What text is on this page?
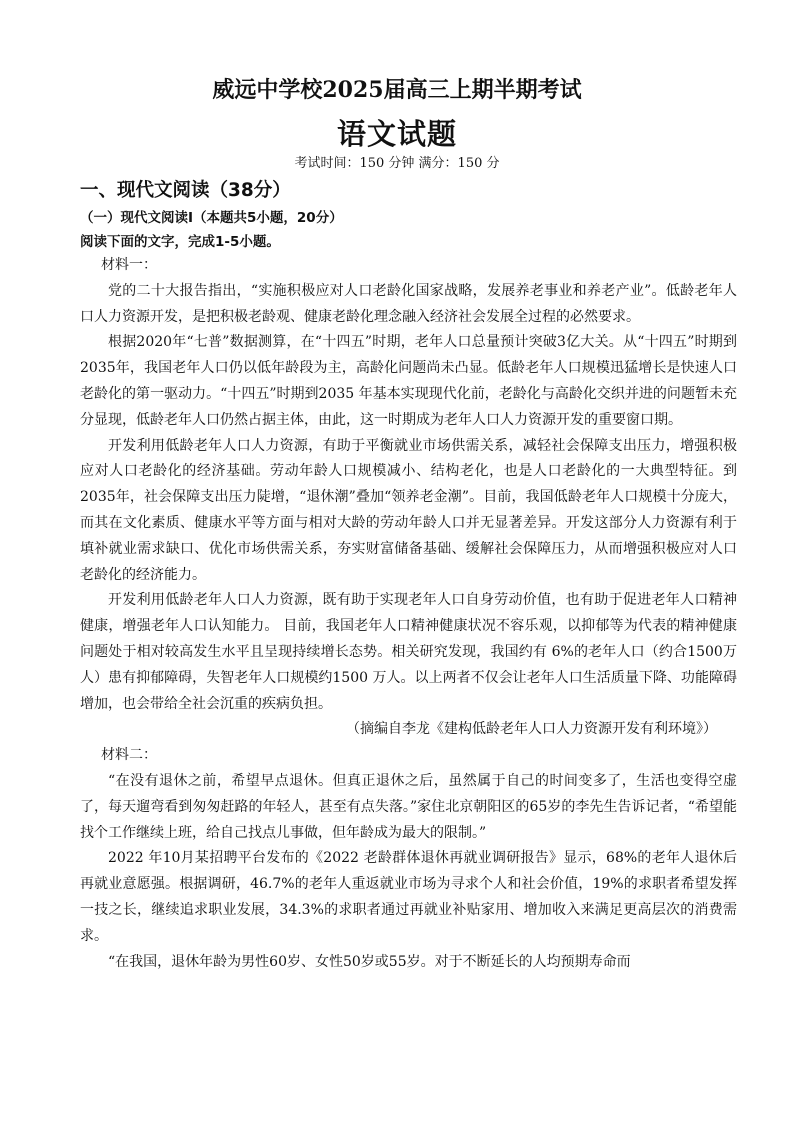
威远中学校2025届高三上期半期考试
语文试题
考试时间：150 分钟 满分：150 分
一、现代文阅读（38分）
（一）现代文阅读Ⅰ（本题共5小题，20分）
阅读下面的文字，完成1-5小题。

材料一：

党的二十大报告指出，“实施积极应对人口老龄化国家战略，发展养老事业和养老产业”。低龄老年人口人力资源开发，是把积极老龄观、健康老龄化理念融入经济社会发展全过程的必然要求。

根据2020年“七普”数据测算，在“十四五”时期，老年人口总量预计突破3亿大关。从“十四五”时期到2035年，我国老年人口仍以低年龄段为主，高龄化问题尚未凸显。低龄老年人口规模迅猛增长是快速人口老龄化的第一驱动力。“十四五”时期到2035 年基本实现现代化前，老龄化与高龄化交织并进的问题暂未充分显现，低龄老年人口仍然占据主体，由此，这一时期成为老年人口人力资源开发的重要窗口期。

开发利用低龄老年人口人力资源，有助于平衡就业市场供需关系，减轻社会保障支出压力，增强积极应对人口老龄化的经济基础。劳动年龄人口规模减小、结构老化，也是人口老龄化的一大典型特征。到2035年，社会保障支出压力陡增，“退休潮”叠加“领养老金潮”。目前，我国低龄老年人口规模十分庞大，而其在文化素质、健康水平等方面与相对大龄的劳动年龄人口并无显著差异。开发这部分人力资源有利于填补就业需求缺口、优化市场供需关系，夯实财富储备基础、缓解社会保障压力，从而增强积极应对人口老龄化的经济能力。

开发利用低龄老年人口人力资源，既有助于实现老年人口自身劳动价值，也有助于促进老年人口精神健康，增强老年人口认知能力。 目前，我国老年人口精神健康状况不容乐观，以抑郁等为代表的精神健康问题处于相对较高发生水平且呈现持续增长态势。相关研究发现，我国约有 6%的老年人口（约合1500万人）患有抑郁障碍，失智老年人口规模约1500 万人。以上两者不仅会让老年人口生活质量下降、功能障碍增加，也会带给全社会沉重的疾病负担。

（摘编自李龙《建构低龄老年人口人力资源开发有利环境》）

材料二：

“在没有退休之前，希望早点退休。但真正退休之后，虽然属于自己的时间变多了，生活也变得空虚了，每天遛弯看到匆匆赶路的年轻人，甚至有点失落。”家住北京朝阳区的65岁的李先生告诉记者，“希望能找个工作继续上班，给自己找点儿事做，但年龄成为最大的限制。”

2022 年10月某招聘平台发布的《2022 老龄群体退休再就业调研报告》显示，68%的老年人退休后再就业意愿强。根据调研，46.7%的老年人重返就业市场为寻求个人和社会价值，19%的求职者希望发挥一技之长，继续追求职业发展，34.3%的求职者通过再就业补贴家用、增加收入来满足更高层次的消费需求。

“在我国，退休年龄为男性60岁、女性50岁或55岁。对于不断延长的人均预期寿命而
